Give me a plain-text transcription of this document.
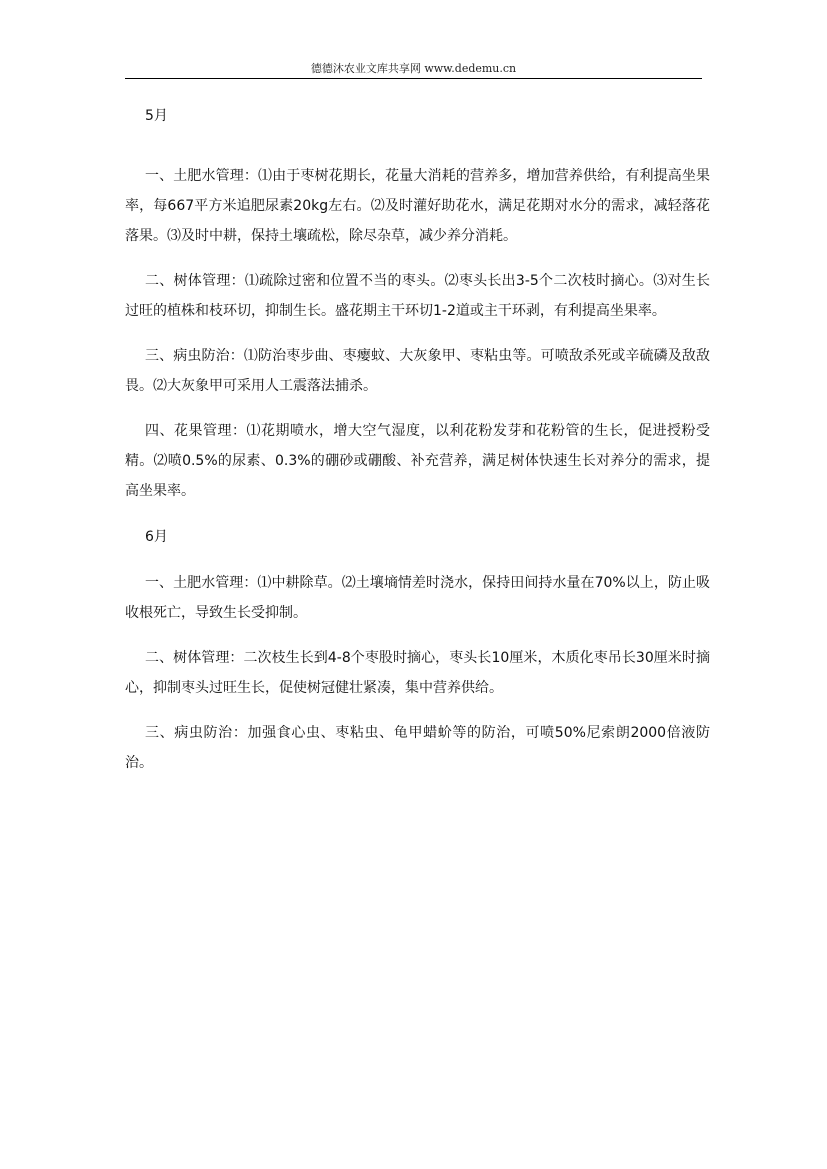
德德沐农业文库共享网 www.dedemu.cn
5月
一、土肥水管理：⑴由于枣树花期长，花量大消耗的营养多，增加营养供给，有利提高坐果率，每667平方米追肥尿素20kg左右。⑵及时灌好助花水，满足花期对水分的需求，减轻落花落果。⑶及时中耕，保持土壤疏松，除尽杂草，减少养分消耗。
二、树体管理：⑴疏除过密和位置不当的枣头。⑵枣头长出3-5个二次枝时摘心。⑶对生长过旺的植株和枝环切，抑制生长。盛花期主干环切1-2道或主干环剥，有利提高坐果率。
三、病虫防治：⑴防治枣步曲、枣瘿蚊、大灰象甲、枣粘虫等。可喷敌杀死或辛硫磷及敌敌畏。⑵大灰象甲可采用人工震落法捕杀。
四、花果管理：⑴花期喷水，增大空气湿度，以利花粉发芽和花粉管的生长，促进授粉受精。⑵喷0.5%的尿素、0.3%的硼砂或硼酸、补充营养，满足树体快速生长对养分的需求，提高坐果率。
6月
一、土肥水管理：⑴中耕除草。⑵土壤墒情差时浇水，保持田间持水量在70%以上，防止吸收根死亡，导致生长受抑制。
二、树体管理：二次枝生长到4-8个枣股时摘心，枣头长10厘米，木质化枣吊长30厘米时摘心，抑制枣头过旺生长，促使树冠健壮紧凑，集中营养供给。
三、病虫防治：加强食心虫、枣粘虫、龟甲蜡蚧等的防治，可喷50%尼索朗2000倍液防治。
